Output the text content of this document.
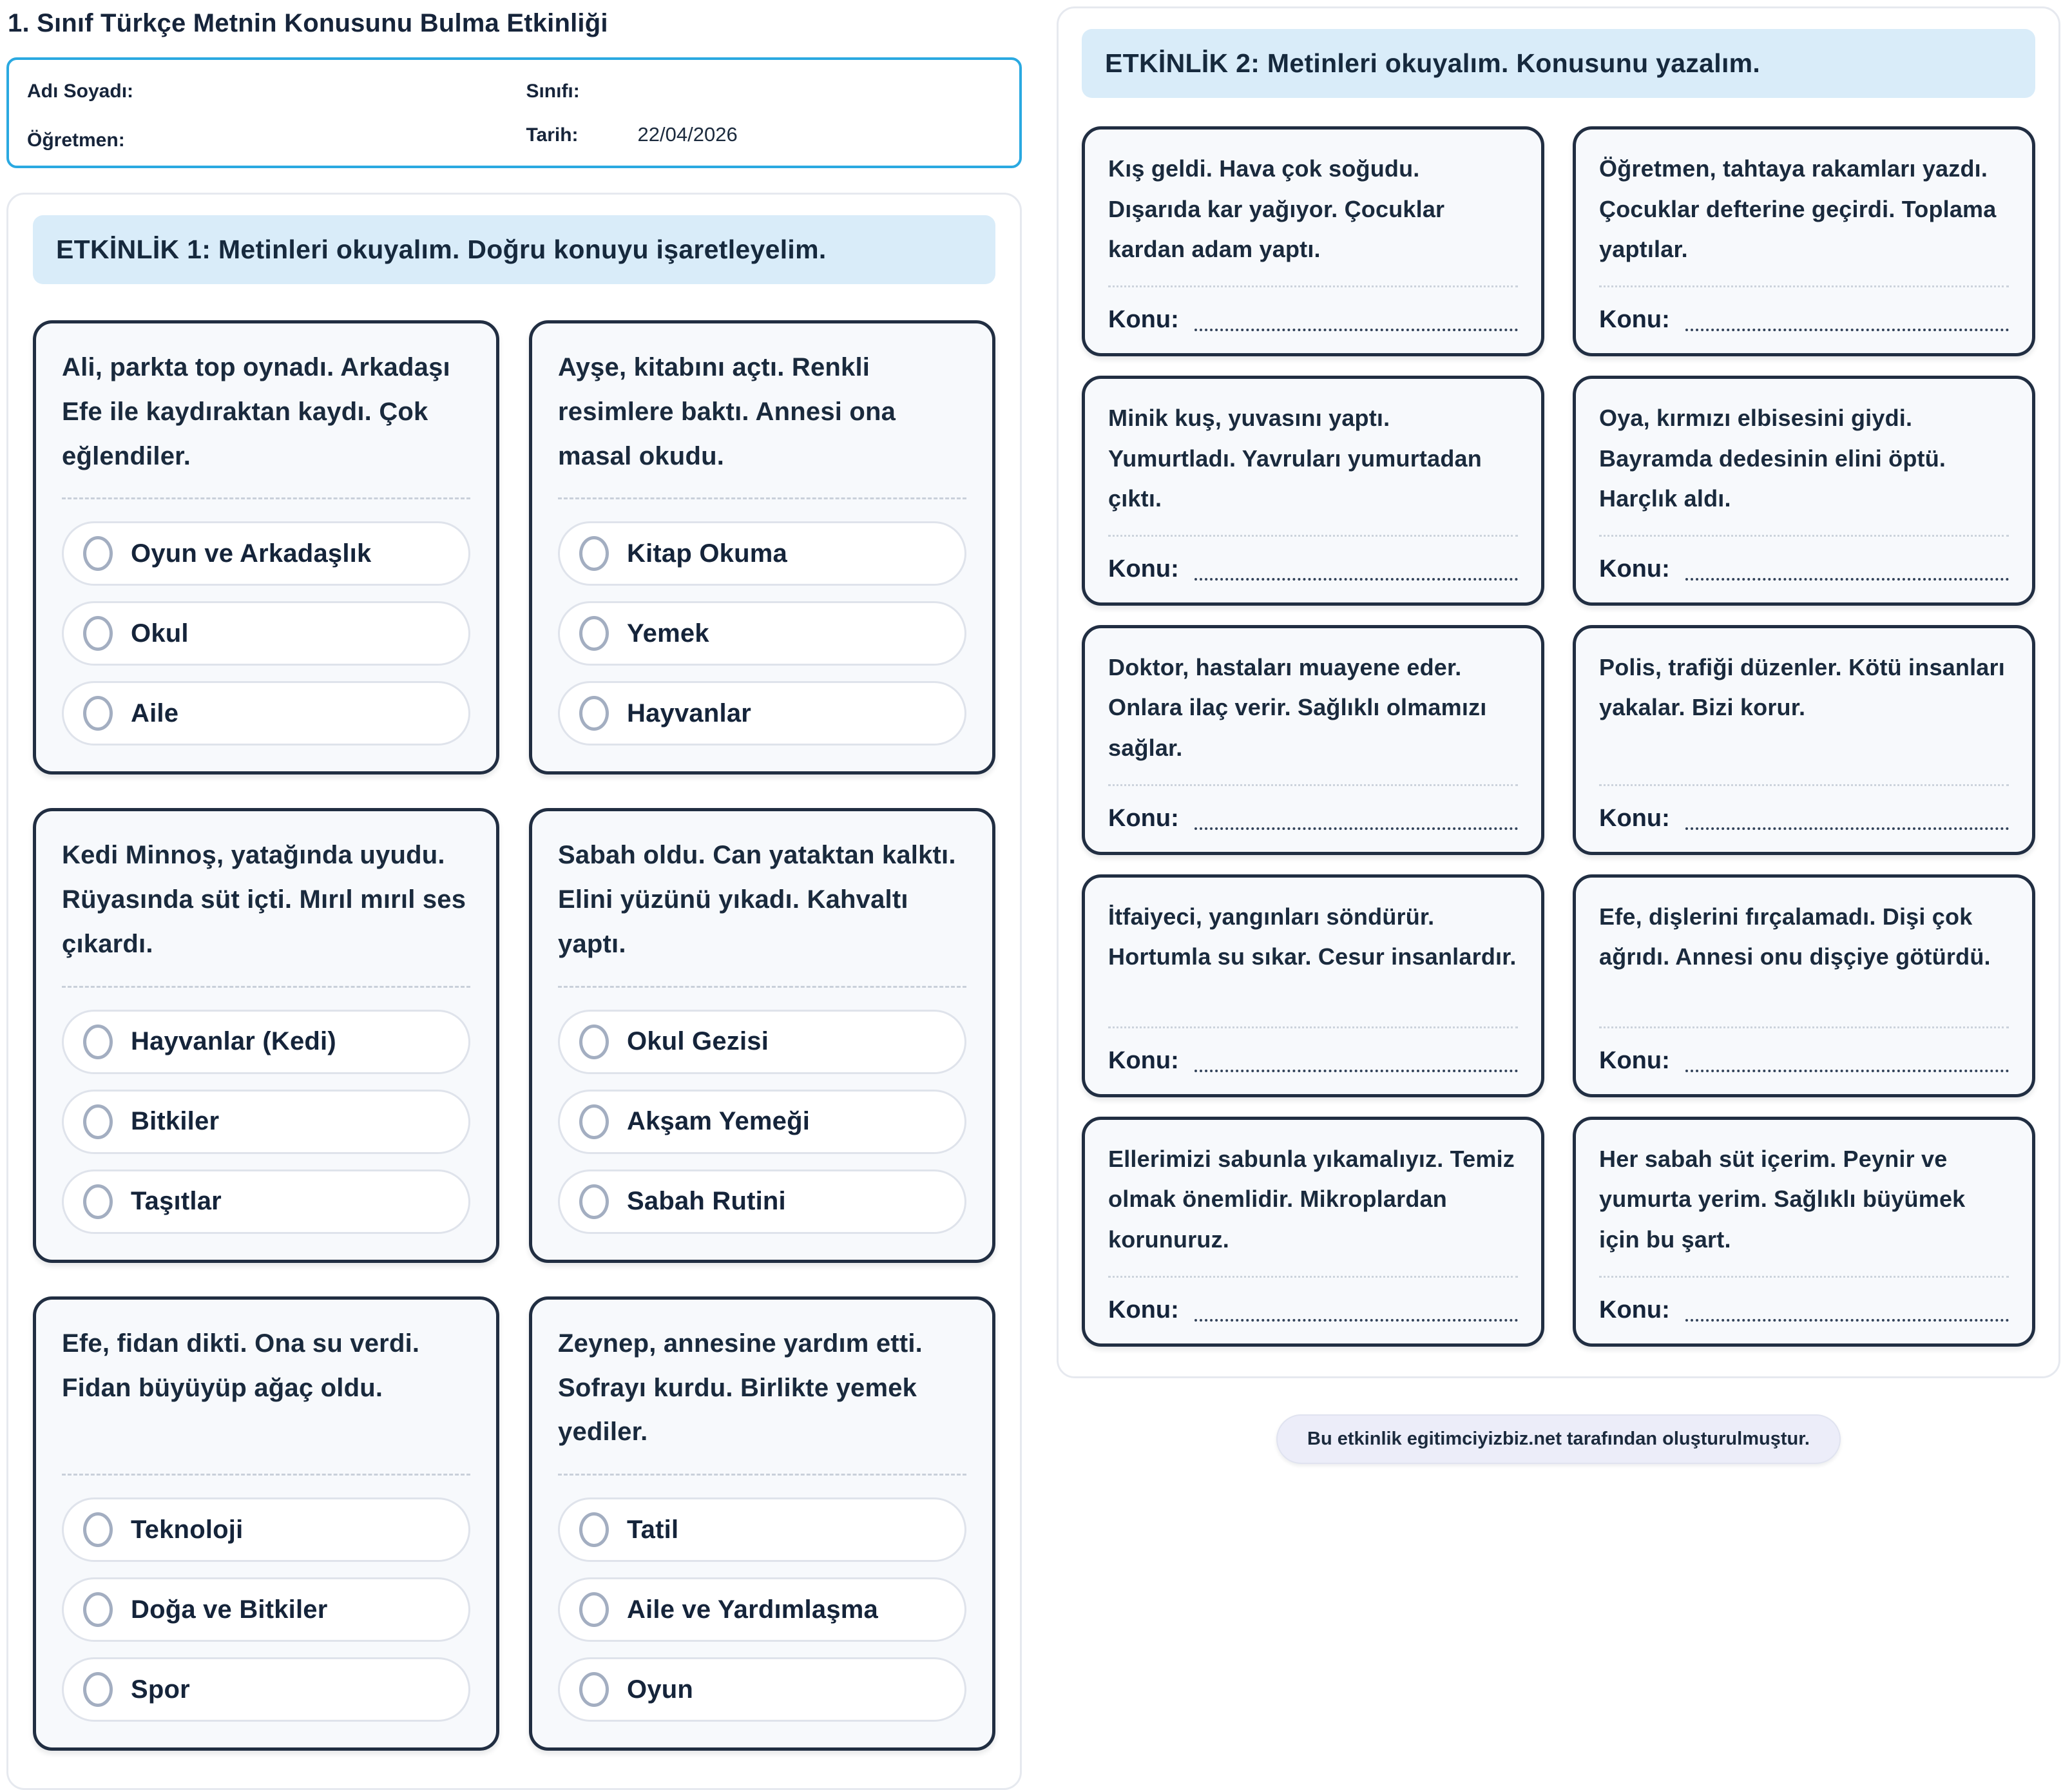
1. Sınıf Türkçe Metnin Konusunu Bulma Etkinliği
Adı Soyadı:	Sınıfı:
Öğretmen:	Tarih:	22/04/2026
ETKİNLİK 1: Metinleri okuyalım. Doğru konuyu işaretleyelim.

Ali, parkta top oynadı. Arkadaşı Efe ile kaydıraktan kaydı. Çok eğlendiler.

Oyun ve Arkadaşlık
Okul
Aile

Ayşe, kitabını açtı. Renkli resimlere baktı. Annesi ona masal okudu.

Kitap Okuma
Yemek
Hayvanlar

Kedi Minnoş, yatağında uyudu. Rüyasında süt içti. Mırıl mırıl ses çıkardı.

Hayvanlar (Kedi)
Bitkiler
Taşıtlar

Sabah oldu. Can yataktan kalktı. Elini yüzünü yıkadı. Kahvaltı yaptı.

Okul Gezisi
Akşam Yemeği
Sabah Rutini

Efe, fidan dikti. Ona su verdi. Fidan büyüyüp ağaç oldu.

Teknoloji
Doğa ve Bitkiler
Spor

Zeynep, annesine yardım etti. Sofrayı kurdu. Birlikte yemek yediler.

Tatil
Aile ve Yardımlaşma
Oyun
ETKİNLİK 2: Metinleri okuyalım. Konusunu yazalım.

Kış geldi. Hava çok soğudu. Dışarıda kar yağıyor. Çocuklar kardan adam yaptı.

Konu:

Öğretmen, tahtaya rakamları yazdı. Çocuklar defterine geçirdi. Toplama yaptılar.

Konu:

Minik kuş, yuvasını yaptı. Yumurtladı. Yavruları yumurtadan çıktı.

Konu:

Oya, kırmızı elbisesini giydi. Bayramda dedesinin elini öptü. Harçlık aldı.

Konu:

Doktor, hastaları muayene eder. Onlara ilaç verir. Sağlıklı olmamızı sağlar.

Konu:

Polis, trafiği düzenler. Kötü insanları yakalar. Bizi korur.

Konu:

İtfaiyeci, yangınları söndürür. Hortumla su sıkar. Cesur insanlardır.

Konu:

Efe, dişlerini fırçalamadı. Dişi çok ağrıdı. Annesi onu dişçiye götürdü.

Konu:

Ellerimizi sabunla yıkamalıyız. Temiz olmak önemlidir. Mikroplardan korunuruz.

Konu:

Her sabah süt içerim. Peynir ve yumurta yerim. Sağlıklı büyümek için bu şart.

Konu:
Bu etkinlik egitimciyizbiz.net tarafından oluşturulmuştur.
